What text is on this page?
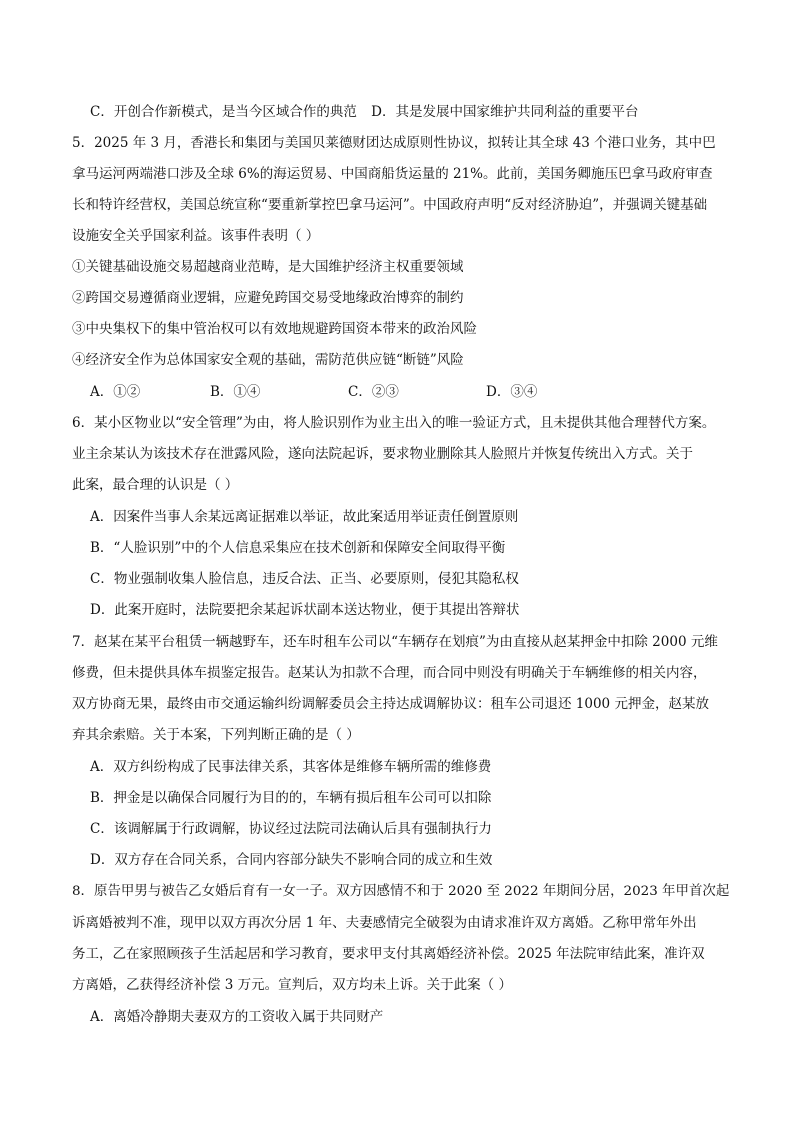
C．开创合作新模式，是当今区域合作的典范 D．其是发展中国家维护共同利益的重要平台
5．2025 年 3 月，香港长和集团与美国贝莱德财团达成原则性协议，拟转让其全球 43 个港口业务，其中巴
拿马运河两端港口涉及全球 6%的海运贸易、中国商船货运量的 21%。此前，美国务卿施压巴拿马政府审查
长和特许经营权，美国总统宣称“要重新掌控巴拿马运河”。中国政府声明“反对经济胁迫”，并强调关键基础
设施安全关乎国家利益。该事件表明（ ）
①关键基础设施交易超越商业范畴，是大国维护经济主权重要领域
②跨国交易遵循商业逻辑，应避免跨国交易受地缘政治博弈的制约
③中央集权下的集中管治权可以有效地规避跨国资本带来的政治风险
④经济安全作为总体国家安全观的基础，需防范供应链“断链”风险
A．①②	B．①④	C．②③	D．③④
6．某小区物业以“安全管理”为由，将人脸识别作为业主出入的唯一验证方式，且未提供其他合理替代方案。
业主余某认为该技术存在泄露风险，遂向法院起诉，要求物业删除其人脸照片并恢复传统出入方式。关于
此案，最合理的认识是（ ）
A．因案件当事人余某远离证据难以举证，故此案适用举证责任倒置原则
B．“人脸识别”中的个人信息采集应在技术创新和保障安全间取得平衡
C．物业强制收集人脸信息，违反合法、正当、必要原则，侵犯其隐私权
D．此案开庭时，法院要把余某起诉状副本送达物业，便于其提出答辩状
7．赵某在某平台租赁一辆越野车，还车时租车公司以“车辆存在划痕”为由直接从赵某押金中扣除 2000 元维
修费，但未提供具体车损鉴定报告。赵某认为扣款不合理，而合同中则没有明确关于车辆维修的相关内容，
双方协商无果，最终由市交通运输纠纷调解委员会主持达成调解协议：租车公司退还 1000 元押金，赵某放
弃其余索赔。关于本案，下列判断正确的是（ ）
A．双方纠纷构成了民事法律关系，其客体是维修车辆所需的维修费
B．押金是以确保合同履行为目的的，车辆有损后租车公司可以扣除
C．该调解属于行政调解，协议经过法院司法确认后具有强制执行力
D．双方存在合同关系，合同内容部分缺失不影响合同的成立和生效
8．原告甲男与被告乙女婚后育有一女一子。双方因感情不和于 2020 至 2022 年期间分居，2023 年甲首次起
诉离婚被判不准，现甲以双方再次分居 1 年、夫妻感情完全破裂为由请求准许双方离婚。乙称甲常年外出
务工，乙在家照顾孩子生活起居和学习教育，要求甲支付其离婚经济补偿。2025 年法院审结此案，准许双
方离婚，乙获得经济补偿 3 万元。宣判后，双方均未上诉。关于此案（ ）
A．离婚冷静期夫妻双方的工资收入属于共同财产
